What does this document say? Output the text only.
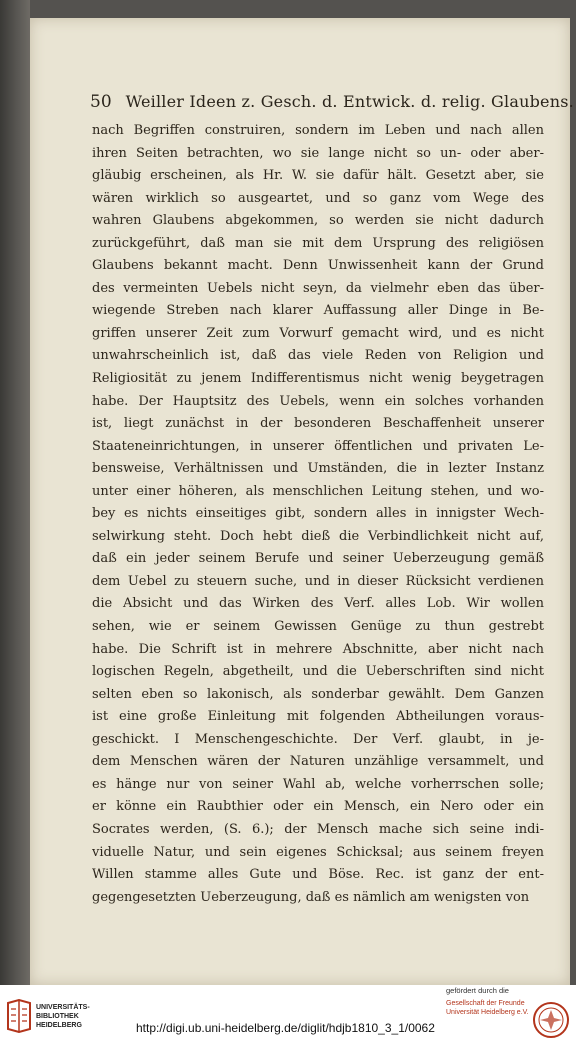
50 Weiller Ideen z. Gesch. d. Entwick. d. relig. Glaubens.
nach Begriffen construiren, sondern im Leben und nach allen
ihren Seiten betrachten, wo sie lange nicht so un- oder aber-
gläubig erscheinen, als Hr. W. sie dafür hält. Gesetzt aber, sie
wären wirklich so ausgeartet, und so ganz vom Wege des
wahren Glaubens abgekommen, so werden sie nicht dadurch
zurückgeführt, daß man sie mit dem Ursprung des religiösen
Glaubens bekannt macht. Denn Unwissenheit kann der Grund
des vermeinten Uebels nicht seyn, da vielmehr eben das über-
wiegende Streben nach klarer Auffassung aller Dinge in Be-
griffen unserer Zeit zum Vorwurf gemacht wird, und es nicht
unwahrscheinlich ist, daß das viele Reden von Religion und
Religiosität zu jenem Indifferentismus nicht wenig beygetragen
habe. Der Hauptsitz des Uebels, wenn ein solches vorhanden
ist, liegt zunächst in der besonderen Beschaffenheit unserer
Staateneinrichtungen, in unserer öffentlichen und privaten Le-
bensweise, Verhältnissen und Umständen, die in lezter Instanz
unter einer höheren, als menschlichen Leitung stehen, und wo-
bey es nichts einseitiges gibt, sondern alles in innigster Wech-
selwirkung steht. Doch hebt dieß die Verbindlichkeit nicht auf,
daß ein jeder seinem Berufe und seiner Ueberzeugung gemäß
dem Uebel zu steuern suche, und in dieser Rücksicht verdienen
die Absicht und das Wirken des Verf. alles Lob. Wir wollen
sehen, wie er seinem Gewissen Genüge zu thun gestrebt
habe. Die Schrift ist in mehrere Abschnitte, aber nicht nach
logischen Regeln, abgetheilt, und die Ueberschriften sind nicht
selten eben so lakonisch, als sonderbar gewählt. Dem Ganzen
ist eine große Einleitung mit folgenden Abtheilungen voraus-
geschickt. I Menschengeschichte. Der Verf. glaubt, in je-
dem Menschen wären der Naturen unzählige versammelt, und
es hänge nur von seiner Wahl ab, welche vorherrschen solle;
er könne ein Raubthier oder ein Mensch, ein Nero oder ein
Socrates werden, (S. 6.); der Mensch mache sich seine indi-
viduelle Natur, und sein eigenes Schicksal; aus seinem freyen
Willen stamme alles Gute und Böse. Rec. ist ganz der ent-
gegengesetzten Ueberzeugung, daß es nämlich am wenigsten von
UNIVERSITÄTS-
BIBLIOTHEK
HEIDELBERG	http://digi.ub.uni-heidelberg.de/diglit/hdjb1810_3_1/0062
gefördert durch die
Gesellschaft der Freunde
Universität Heidelberg e.V.
